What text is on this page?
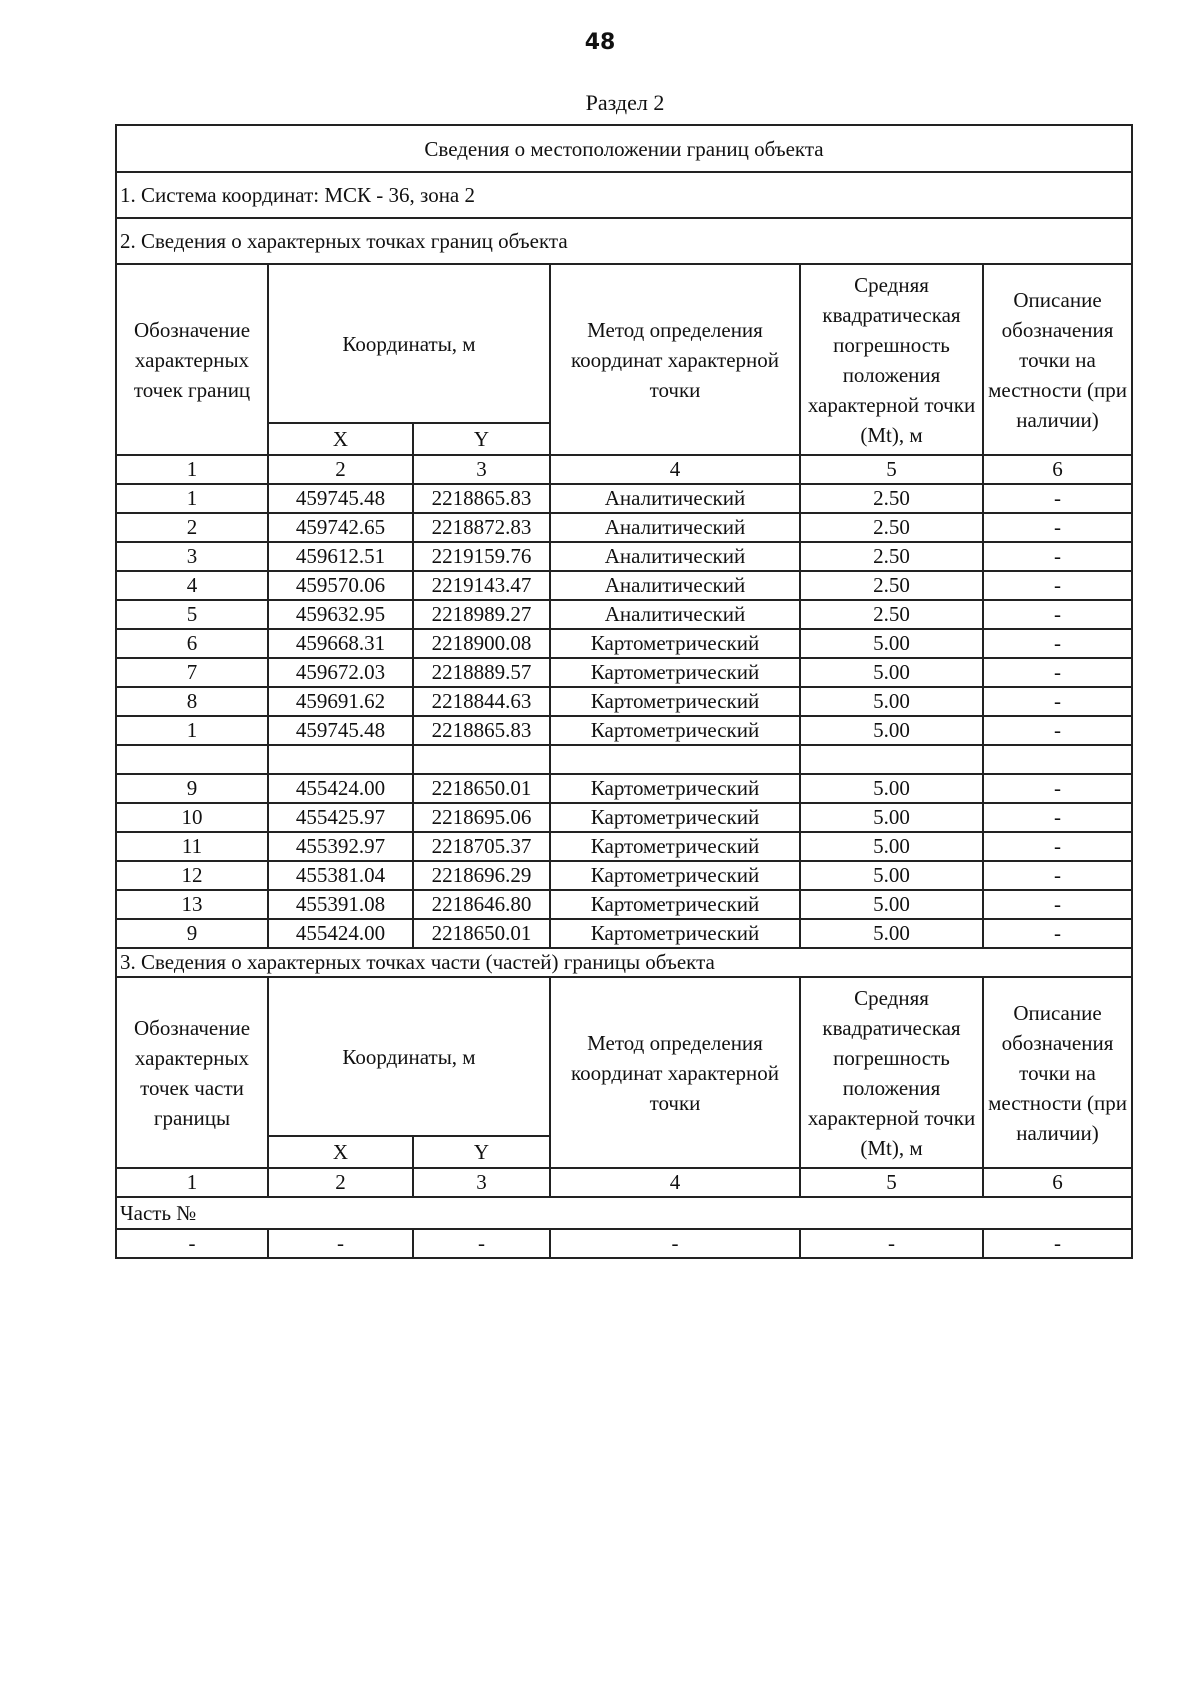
48
Раздел 2
Сведения о местоположении границ объекта					
1. Система координат: МСК - 36, зона 2					
2. Сведения о характерных точках границ объекта					
Обозначение характерных точек границ	Координаты, м		Метод определения координат характерной точки	Средняя квадратическая погрешность положения характерной точки (Mt), м	Описание обозначения точки на местности (при наличии)
	X	Y			
1	2	3	4	5	6
1	459745.48	2218865.83	Аналитический	2.50	-
2	459742.65	2218872.83	Аналитический	2.50	-
3	459612.51	2219159.76	Аналитический	2.50	-
4	459570.06	2219143.47	Аналитический	2.50	-
5	459632.95	2218989.27	Аналитический	2.50	-
6	459668.31	2218900.08	Картометрический	5.00	-
7	459672.03	2218889.57	Картометрический	5.00	-
8	459691.62	2218844.63	Картометрический	5.00	-
1	459745.48	2218865.83	Картометрический	5.00	-

9	455424.00	2218650.01	Картометрический	5.00	-
10	455425.97	2218695.06	Картометрический	5.00	-
11	455392.97	2218705.37	Картометрический	5.00	-
12	455381.04	2218696.29	Картометрический	5.00	-
13	455391.08	2218646.80	Картометрический	5.00	-
9	455424.00	2218650.01	Картометрический	5.00	-
3. Сведения о характерных точках части (частей) границы объекта					
Обозначение характерных точек части границы	Координаты, м		Метод определения координат характерной точки	Средняя квадратическая погрешность положения характерной точки (Mt), м	Описание обозначения точки на местности (при наличии)
	X	Y			
1	2	3	4	5	6
Часть №					
-	-	-	-	-	-
